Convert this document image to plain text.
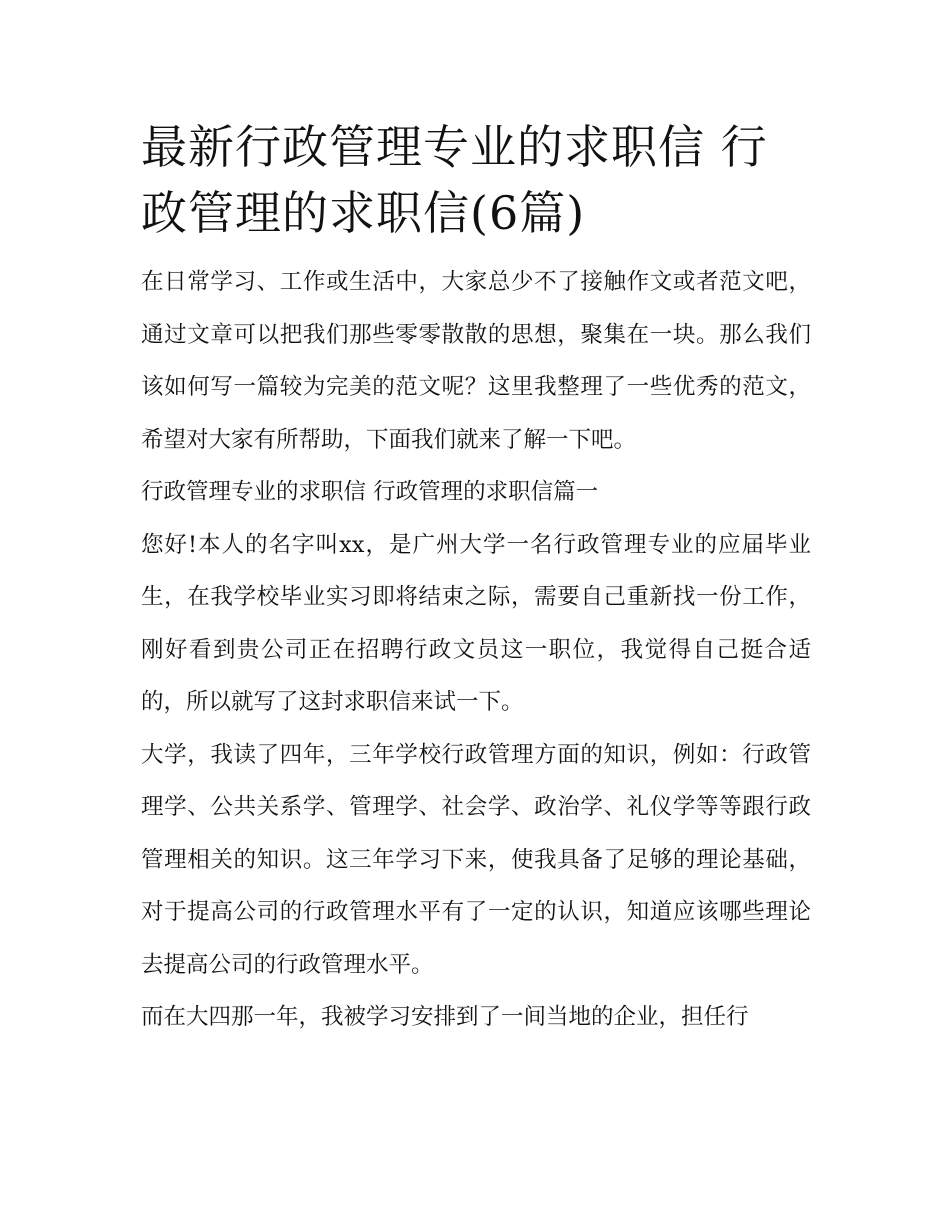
最新行政管理专业的求职信 行政管理的求职信(6篇)

在日常学习、工作或生活中，大家总少不了接触作文或者范文吧，通过文章可以把我们那些零零散散的思想，聚集在一块。那么我们该如何写一篇较为完美的范文呢？这里我整理了一些优秀的范文，希望对大家有所帮助，下面我们就来了解一下吧。

行政管理专业的求职信 行政管理的求职信篇一

您好!本人的名字叫xx，是广州大学一名行政管理专业的应届毕业生，在我学校毕业实习即将结束之际，需要自己重新找一份工作，刚好看到贵公司正在招聘行政文员这一职位，我觉得自己挺合适的，所以就写了这封求职信来试一下。

大学，我读了四年，三年学校行政管理方面的知识，例如：行政管理学、公共关系学、管理学、社会学、政治学、礼仪学等等跟行政管理相关的知识。这三年学习下来，使我具备了足够的理论基础，对于提高公司的行政管理水平有了一定的认识，知道应该哪些理论去提高公司的行政管理水平。

而在大四那一年，我被学习安排到了一间当地的企业，担任行
